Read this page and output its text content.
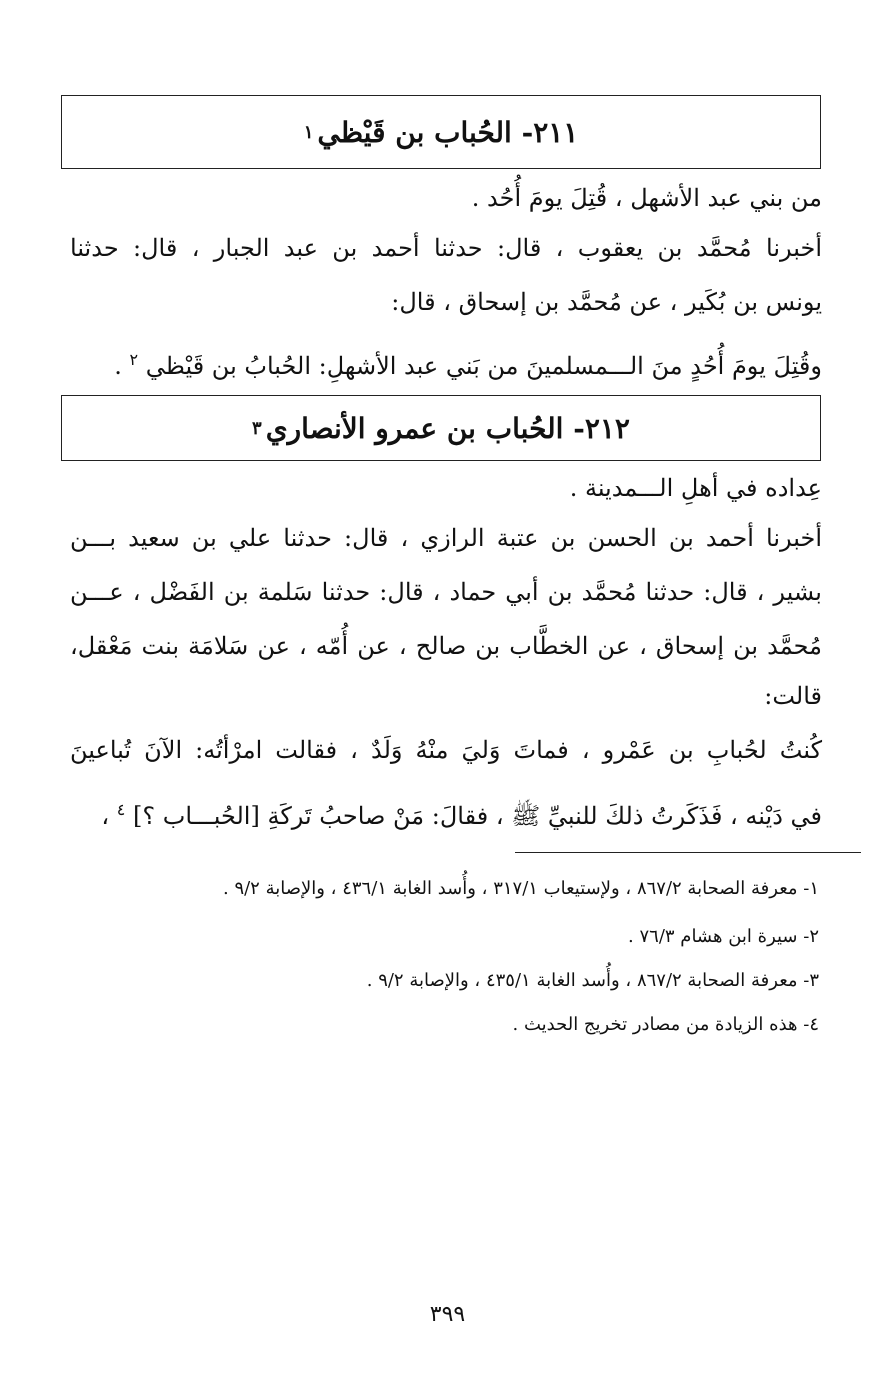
٢١١- الحُباب بن قَيْظي
١
من بني عبد الأشهل ، قُتِلَ يومَ أُحُد .
أخبرنا مُحمَّد بن يعقوب ، قال: حدثنا أحمد بن عبد الجبار ، قال: حدثنا
يونس بن بُكَير ، عن مُحمَّد بن إسحاق ، قال:
وقُتِلَ يومَ أُحُدٍ منَ الـــمسلمينَ من بَني عبد الأشهلِ: الحُبابُ بن قَيْظي $^٢$ .
٢١٢- الحُباب بن عمرو الأنصاري
٣
عِداده في أهلِ الـــمدينة .
أخبرنا أحمد بن الحسن بن عتبة الرازي ، قال: حدثنا علي بن سعيد بـــن
بشير ، قال: حدثنا مُحمَّد بن أبي حماد ، قال: حدثنا سَلمة بن الفَضْل ، عـــن
مُحمَّد بن إسحاق ، عن الخطَّاب بن صالح ، عن أُمّه ، عن سَلامَة بنت مَعْقل،
قالت:
كُنتُ لحُبابِ بن عَمْرو ، فماتَ وَليَ منْهُ وَلَدٌ ، فقالت امرْأتُه: الآنَ تُباعينَ
في دَيْنه ، فَذَكَرتُ ذلكَ للنبيِّ ﷺ ، فقالَ: مَنْ صاحبُ تَركَةِ [الحُبـــاب ؟] $^٤$ ،
١- معرفة الصحابة ٨٦٧/٢ ، ولإستيعاب ٣١٧/١ ، وأُسد الغابة ٤٣٦/١ ، والإصابة ٩/٢ .
٢- سيرة ابن هشام ٧٦/٣ .
٣- معرفة الصحابة ٨٦٧/٢ ، وأُسد الغابة ٤٣٥/١ ، والإصابة ٩/٢ .
٤- هذه الزيادة من مصادر تخريج الحديث .
٣٩٩
